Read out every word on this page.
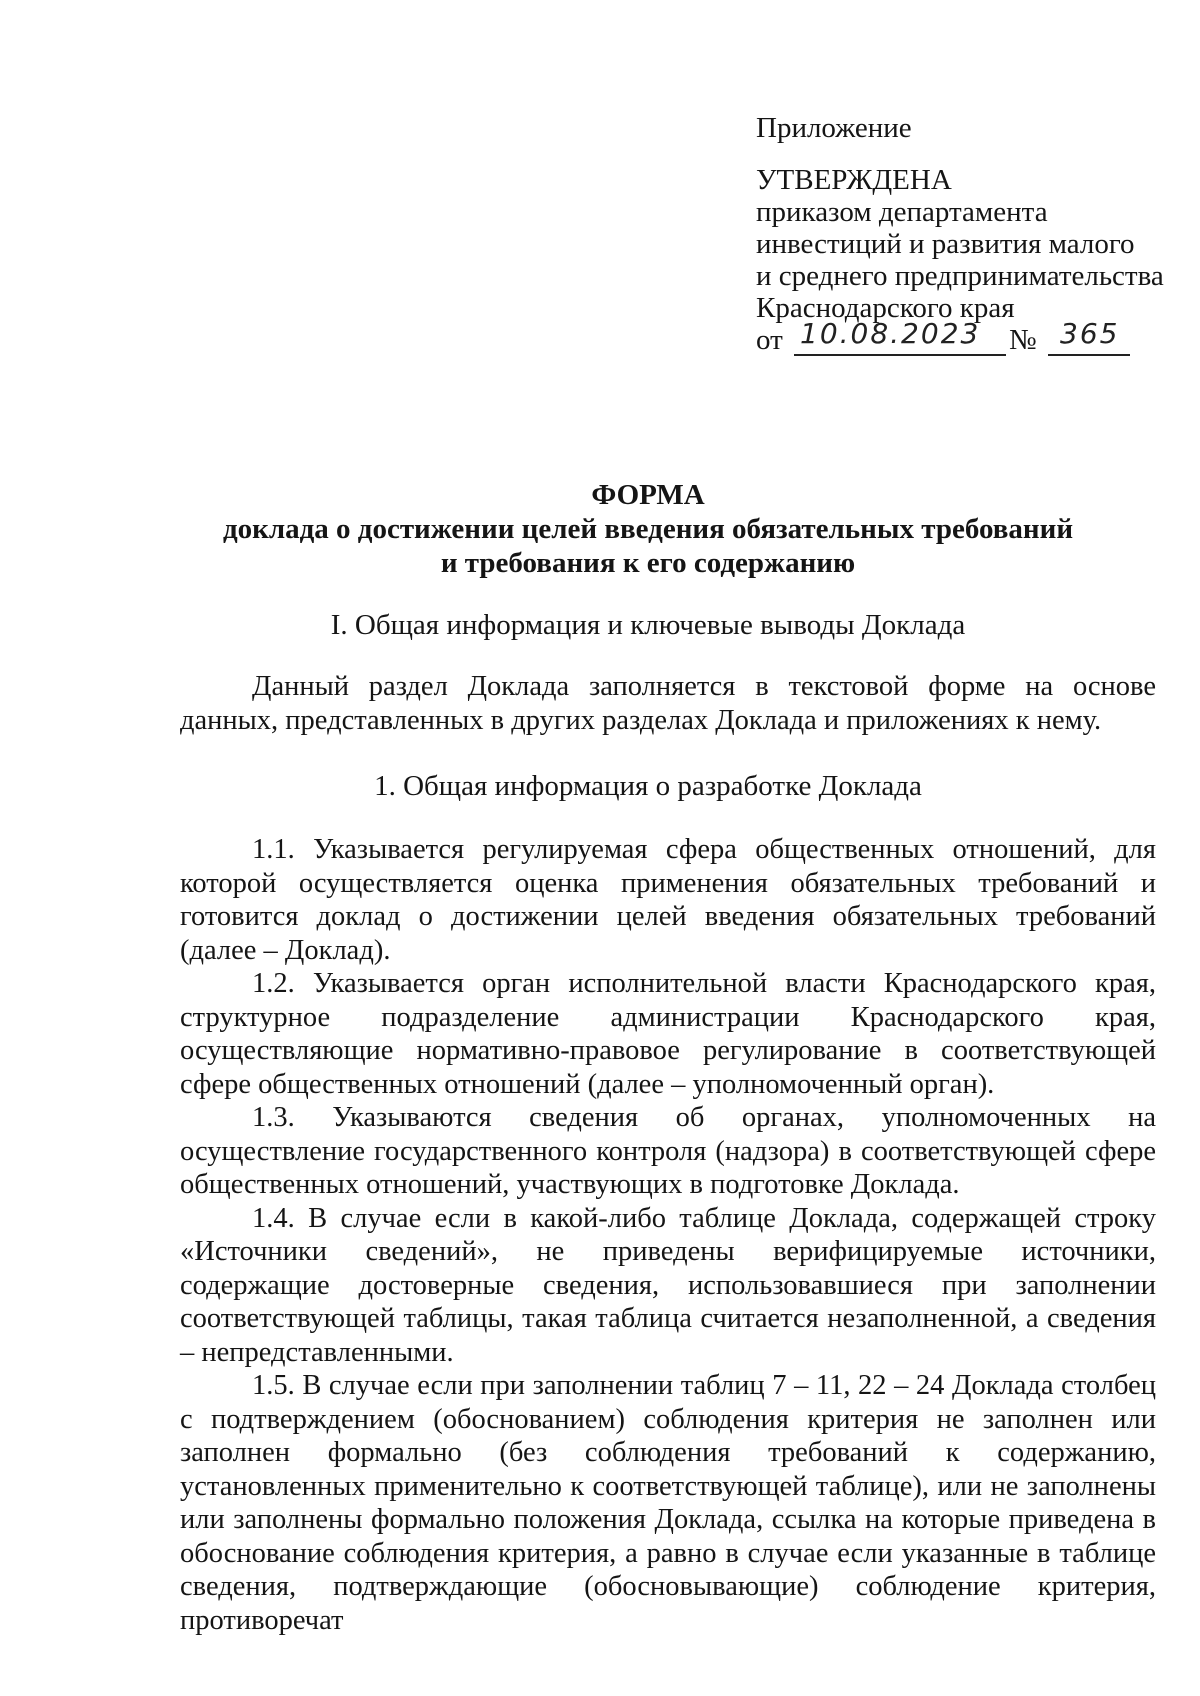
Приложение

УТВЕРЖДЕНА

приказом департамента

инвестиций и развития малого

и среднего предпринимательства

Краснодарского края

от 10.08.2023 № 365

ФОРМА

доклада о достижении целей введения обязательных требований

и требования к его содержанию

I. Общая информация и ключевые выводы Доклада

Данный раздел Доклада заполняется в текстовой форме на основе данных, представленных в других разделах Доклада и приложениях к нему.

1. Общая информация о разработке Доклада

1.1. Указывается регулируемая сфера общественных отношений, для которой осуществляется оценка применения обязательных требований и готовится доклад о достижении целей введения обязательных требований (далее – Доклад).

1.2. Указывается орган исполнительной власти Краснодарского края, структурное подразделение администрации Краснодарского края, осуществляющие нормативно-правовое регулирование в соответствующей сфере общественных отношений (далее – уполномоченный орган).

1.3. Указываются сведения об органах, уполномоченных на осуществление государственного контроля (надзора) в соответствующей сфере общественных отношений, участвующих в подготовке Доклада.

1.4. В случае если в какой-либо таблице Доклада, содержащей строку «Источники сведений», не приведены верифицируемые источники, содержащие достоверные сведения, использовавшиеся при заполнении соответствующей таблицы, такая таблица считается незаполненной, а сведения – непредставленными.

1.5. В случае если при заполнении таблиц 7 – 11, 22 – 24 Доклада столбец с подтверждением (обоснованием) соблюдения критерия не заполнен или заполнен формально (без соблюдения требований к содержанию, установленных применительно к соответствующей таблице), или не заполнены или заполнены формально положения Доклада, ссылка на которые приведена в обоснование соблюдения критерия, а равно в случае если указанные в таблице сведения, подтверждающие (обосновывающие) соблюдение критерия, противоречат
